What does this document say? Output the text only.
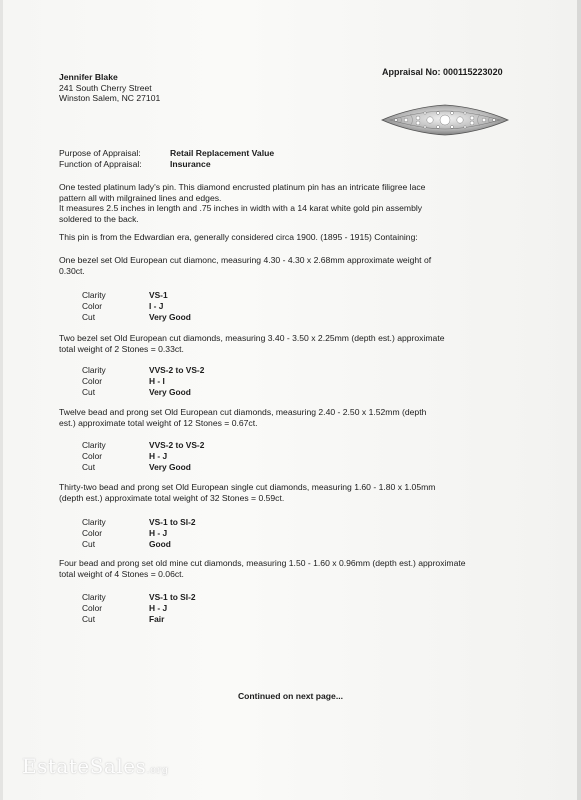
Jennifer Blake
241 South Cherry Street
Winston Salem, NC 27101
Appraisal No: 000115223020
Purpose of Appraisal:	Retail Replacement Value
Function of Appraisal:	Insurance
One tested platinum lady's pin. This diamond encrusted platinum pin has an intricate filigree lace
pattern all with milgrained lines and edges.
It measures 2.5 inches in length and .75 inches in width with a 14 karat white gold pin assembly
soldered to the back.
This pin is from the Edwardian era, generally considered circa 1900. (1895 - 1915) Containing:
One bezel set Old European cut diamonc, measuring 4.30 - 4.30 x 2.68mm approximate weight of
0.30ct.
Clarity	VS-1
Color	I - J
Cut	Very Good
Two bezel set Old European cut diamonds, measuring 3.40 - 3.50 x 2.25mm (depth est.) approximate
total weight of 2 Stones = 0.33ct.
Clarity	VVS-2 to VS-2
Color	H - I
Cut	Very Good
Twelve bead and prong set Old European cut diamonds, measuring 2.40 - 2.50 x 1.52mm (depth
est.) approximate total weight of 12 Stones = 0.67ct.
Clarity	VVS-2 to VS-2
Color	H - J
Cut	Very Good
Thirty-two bead and prong set Old European single cut diamonds, measuring 1.60 - 1.80 x 1.05mm
(depth est.) approximate total weight of 32 Stones = 0.59ct.
Clarity	VS-1 to SI-2
Color	H - J
Cut	Good
Four bead and prong set old mine cut diamonds, measuring 1.50 - 1.60 x 0.96mm (depth est.) approximate
total weight of 4 Stones = 0.06ct.
Clarity	VS-1 to SI-2
Color	H - J
Cut	Fair
Continued on next page...
EstateSales.org
